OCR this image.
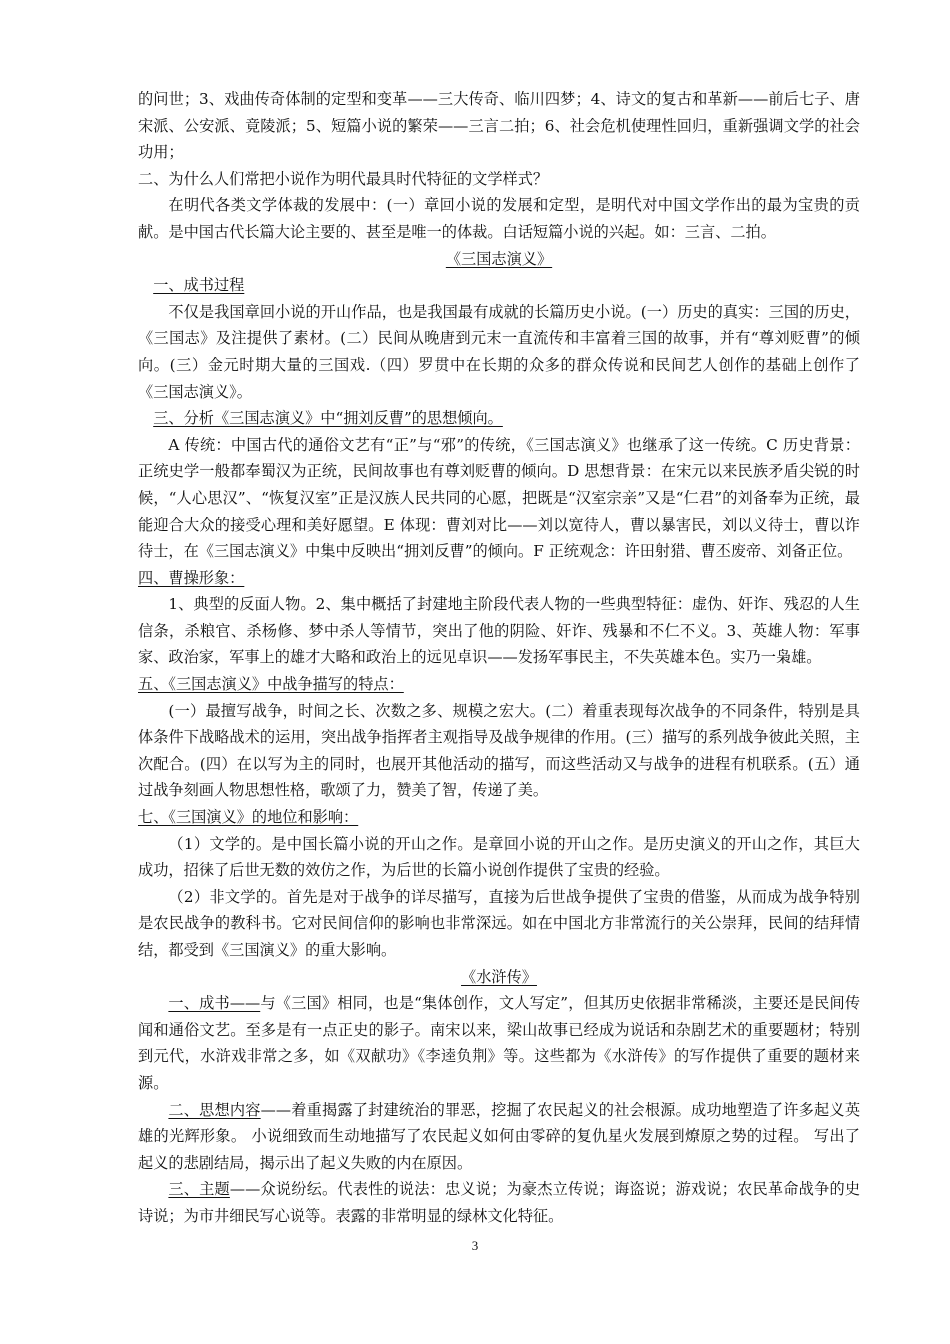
的问世；3、戏曲传奇体制的定型和变革——三大传奇、临川四梦；4、诗文的复古和革新——前后七子、唐宋派、公安派、竟陵派；5、短篇小说的繁荣——三言二拍；6、社会危机使理性回归，重新强调文学的社会功用；

二、为什么人们常把小说作为明代最具时代特征的文学样式？

在明代各类文学体裁的发展中：(一）章回小说的发展和定型，是明代对中国文学作出的最为宝贵的贡献。是中国古代长篇大论主要的、甚至是唯一的体裁。白话短篇小说的兴起。如：三言、二拍。

《三国志演义》

一、成书过程

不仅是我国章回小说的开山作品，也是我国最有成就的长篇历史小说。(一）历史的真实：三国的历史，《三国志》及注提供了素材。(二）民间从晚唐到元末一直流传和丰富着三国的故事，并有“尊刘贬曹”的倾向。(三）金元时期大量的三国戏.（四）罗贯中在长期的众多的群众传说和民间艺人创作的基础上创作了《三国志演义》。

三、分析《三国志演义》中“拥刘反曹”的思想倾向。

A 传统：中国古代的通俗文艺有“正”与“邪”的传统，《三国志演义》也继承了这一传统。C 历史背景：正统史学一般都奉蜀汉为正统，民间故事也有尊刘贬曹的倾向。D 思想背景：在宋元以来民族矛盾尖锐的时候，“人心思汉”、“恢复汉室”正是汉族人民共同的心愿，把既是“汉室宗亲”又是“仁君”的刘备奉为正统，最能迎合大众的接受心理和美好愿望。E 体现：曹刘对比——刘以宽待人，曹以暴害民，刘以义待士，曹以诈待士，在《三国志演义》中集中反映出“拥刘反曹”的倾向。F 正统观念：许田射猎、曹丕废帝、刘备正位。

四、曹操形象：

1、典型的反面人物。2、集中概括了封建地主阶段代表人物的一些典型特征：虚伪、奸诈、残忍的人生信条，杀粮官、杀杨修、梦中杀人等情节，突出了他的阴险、奸诈、残暴和不仁不义。3、英雄人物：军事家、政治家，军事上的雄才大略和政治上的远见卓识——发扬军事民主，不失英雄本色。实乃一枭雄。

五、《三国志演义》中战争描写的特点：

(一）最擅写战争，时间之长、次数之多、规模之宏大。(二）着重表现每次战争的不同条件，特别是具体条件下战略战术的运用，突出战争指挥者主观指导及战争规律的作用。(三）描写的系列战争彼此关照，主次配合。(四）在以写为主的同时，也展开其他活动的描写，而这些活动又与战争的进程有机联系。(五）通过战争刻画人物思想性格，歌颂了力，赞美了智，传递了美。

七、《三国演义》的地位和影响：

（1）文学的。是中国长篇小说的开山之作。是章回小说的开山之作。是历史演义的开山之作，其巨大成功，招徕了后世无数的效仿之作，为后世的长篇小说创作提供了宝贵的经验。

（2）非文学的。首先是对于战争的详尽描写，直接为后世战争提供了宝贵的借鉴，从而成为战争特别是农民战争的教科书。它对民间信仰的影响也非常深远。如在中国北方非常流行的关公崇拜，民间的结拜情结，都受到《三国演义》的重大影响。

《水浒传》

一、成书——与《三国》相同，也是“集体创作，文人写定”，但其历史依据非常稀淡，主要还是民间传闻和通俗文艺。至多是有一点正史的影子。南宋以来，梁山故事已经成为说话和杂剧艺术的重要题材；特别到元代，水浒戏非常之多，如《双献功》《李逵负荆》等。这些都为《水浒传》的写作提供了重要的题材来源。

二、思想内容——着重揭露了封建统治的罪恶，挖掘了农民起义的社会根源。成功地塑造了许多起义英雄的光辉形象。 小说细致而生动地描写了农民起义如何由零碎的复仇星火发展到燎原之势的过程。 写出了起义的悲剧结局，揭示出了起义失败的内在原因。

三、主题——众说纷纭。代表性的说法：忠义说；为豪杰立传说；诲盗说；游戏说；农民革命战争的史诗说；为市井细民写心说等。表露的非常明显的绿林文化特征。

3
